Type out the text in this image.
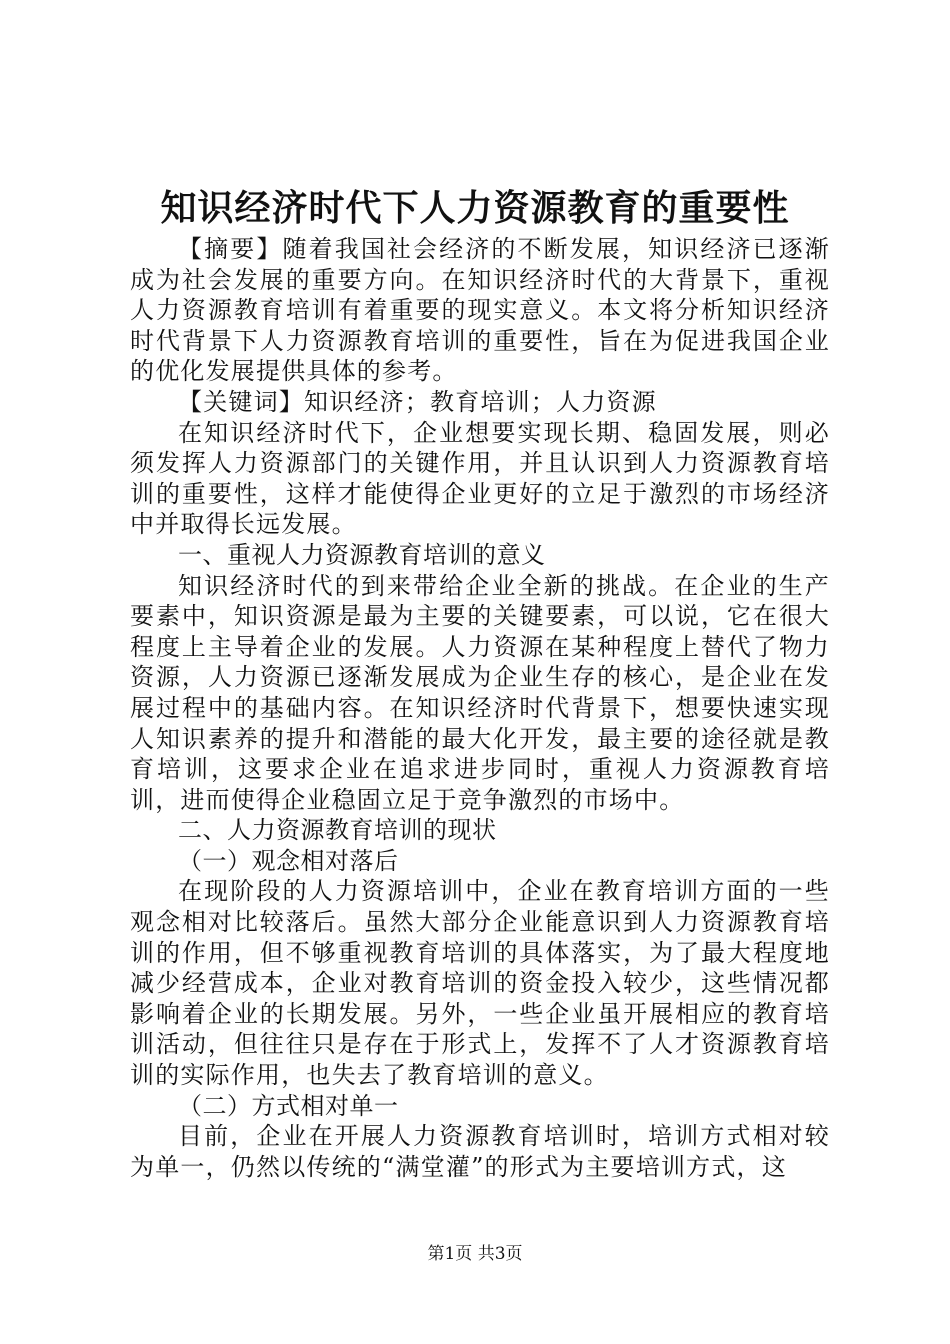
知识经济时代下人力资源教育的重要性

【摘要】随着我国社会经济的不断发展，知识经济已逐渐成为社会发展的重要方向。在知识经济时代的大背景下，重视人力资源教育培训有着重要的现实意义。本文将分析知识经济时代背景下人力资源教育培训的重要性，旨在为促进我国企业的优化发展提供具体的参考。

【关键词】知识经济；教育培训；人力资源

在知识经济时代下，企业想要实现长期、稳固发展，则必须发挥人力资源部门的关键作用，并且认识到人力资源教育培训的重要性，这样才能使得企业更好的立足于激烈的市场经济中并取得长远发展。

一、重视人力资源教育培训的意义

知识经济时代的到来带给企业全新的挑战。在企业的生产要素中，知识资源是最为主要的关键要素，可以说，它在很大程度上主导着企业的发展。人力资源在某种程度上替代了物力资源，人力资源已逐渐发展成为企业生存的核心，是企业在发展过程中的基础内容。在知识经济时代背景下，想要快速实现人知识素养的提升和潜能的最大化开发，最主要的途径就是教育培训，这要求企业在追求进步同时，重视人力资源教育培训，进而使得企业稳固立足于竞争激烈的市场中。

二、人力资源教育培训的现状

（一）观念相对落后

在现阶段的人力资源培训中，企业在教育培训方面的一些观念相对比较落后。虽然大部分企业能意识到人力资源教育培训的作用，但不够重视教育培训的具体落实，为了最大程度地减少经营成本，企业对教育培训的资金投入较少，这些情况都影响着企业的长期发展。另外，一些企业虽开展相应的教育培训活动，但往往只是存在于形式上，发挥不了人才资源教育培训的实际作用，也失去了教育培训的意义。

（二）方式相对单一

目前，企业在开展人力资源教育培训时，培训方式相对较为单一，仍然以传统的“满堂灌”的形式为主要培训方式，这

第1页 共3页
